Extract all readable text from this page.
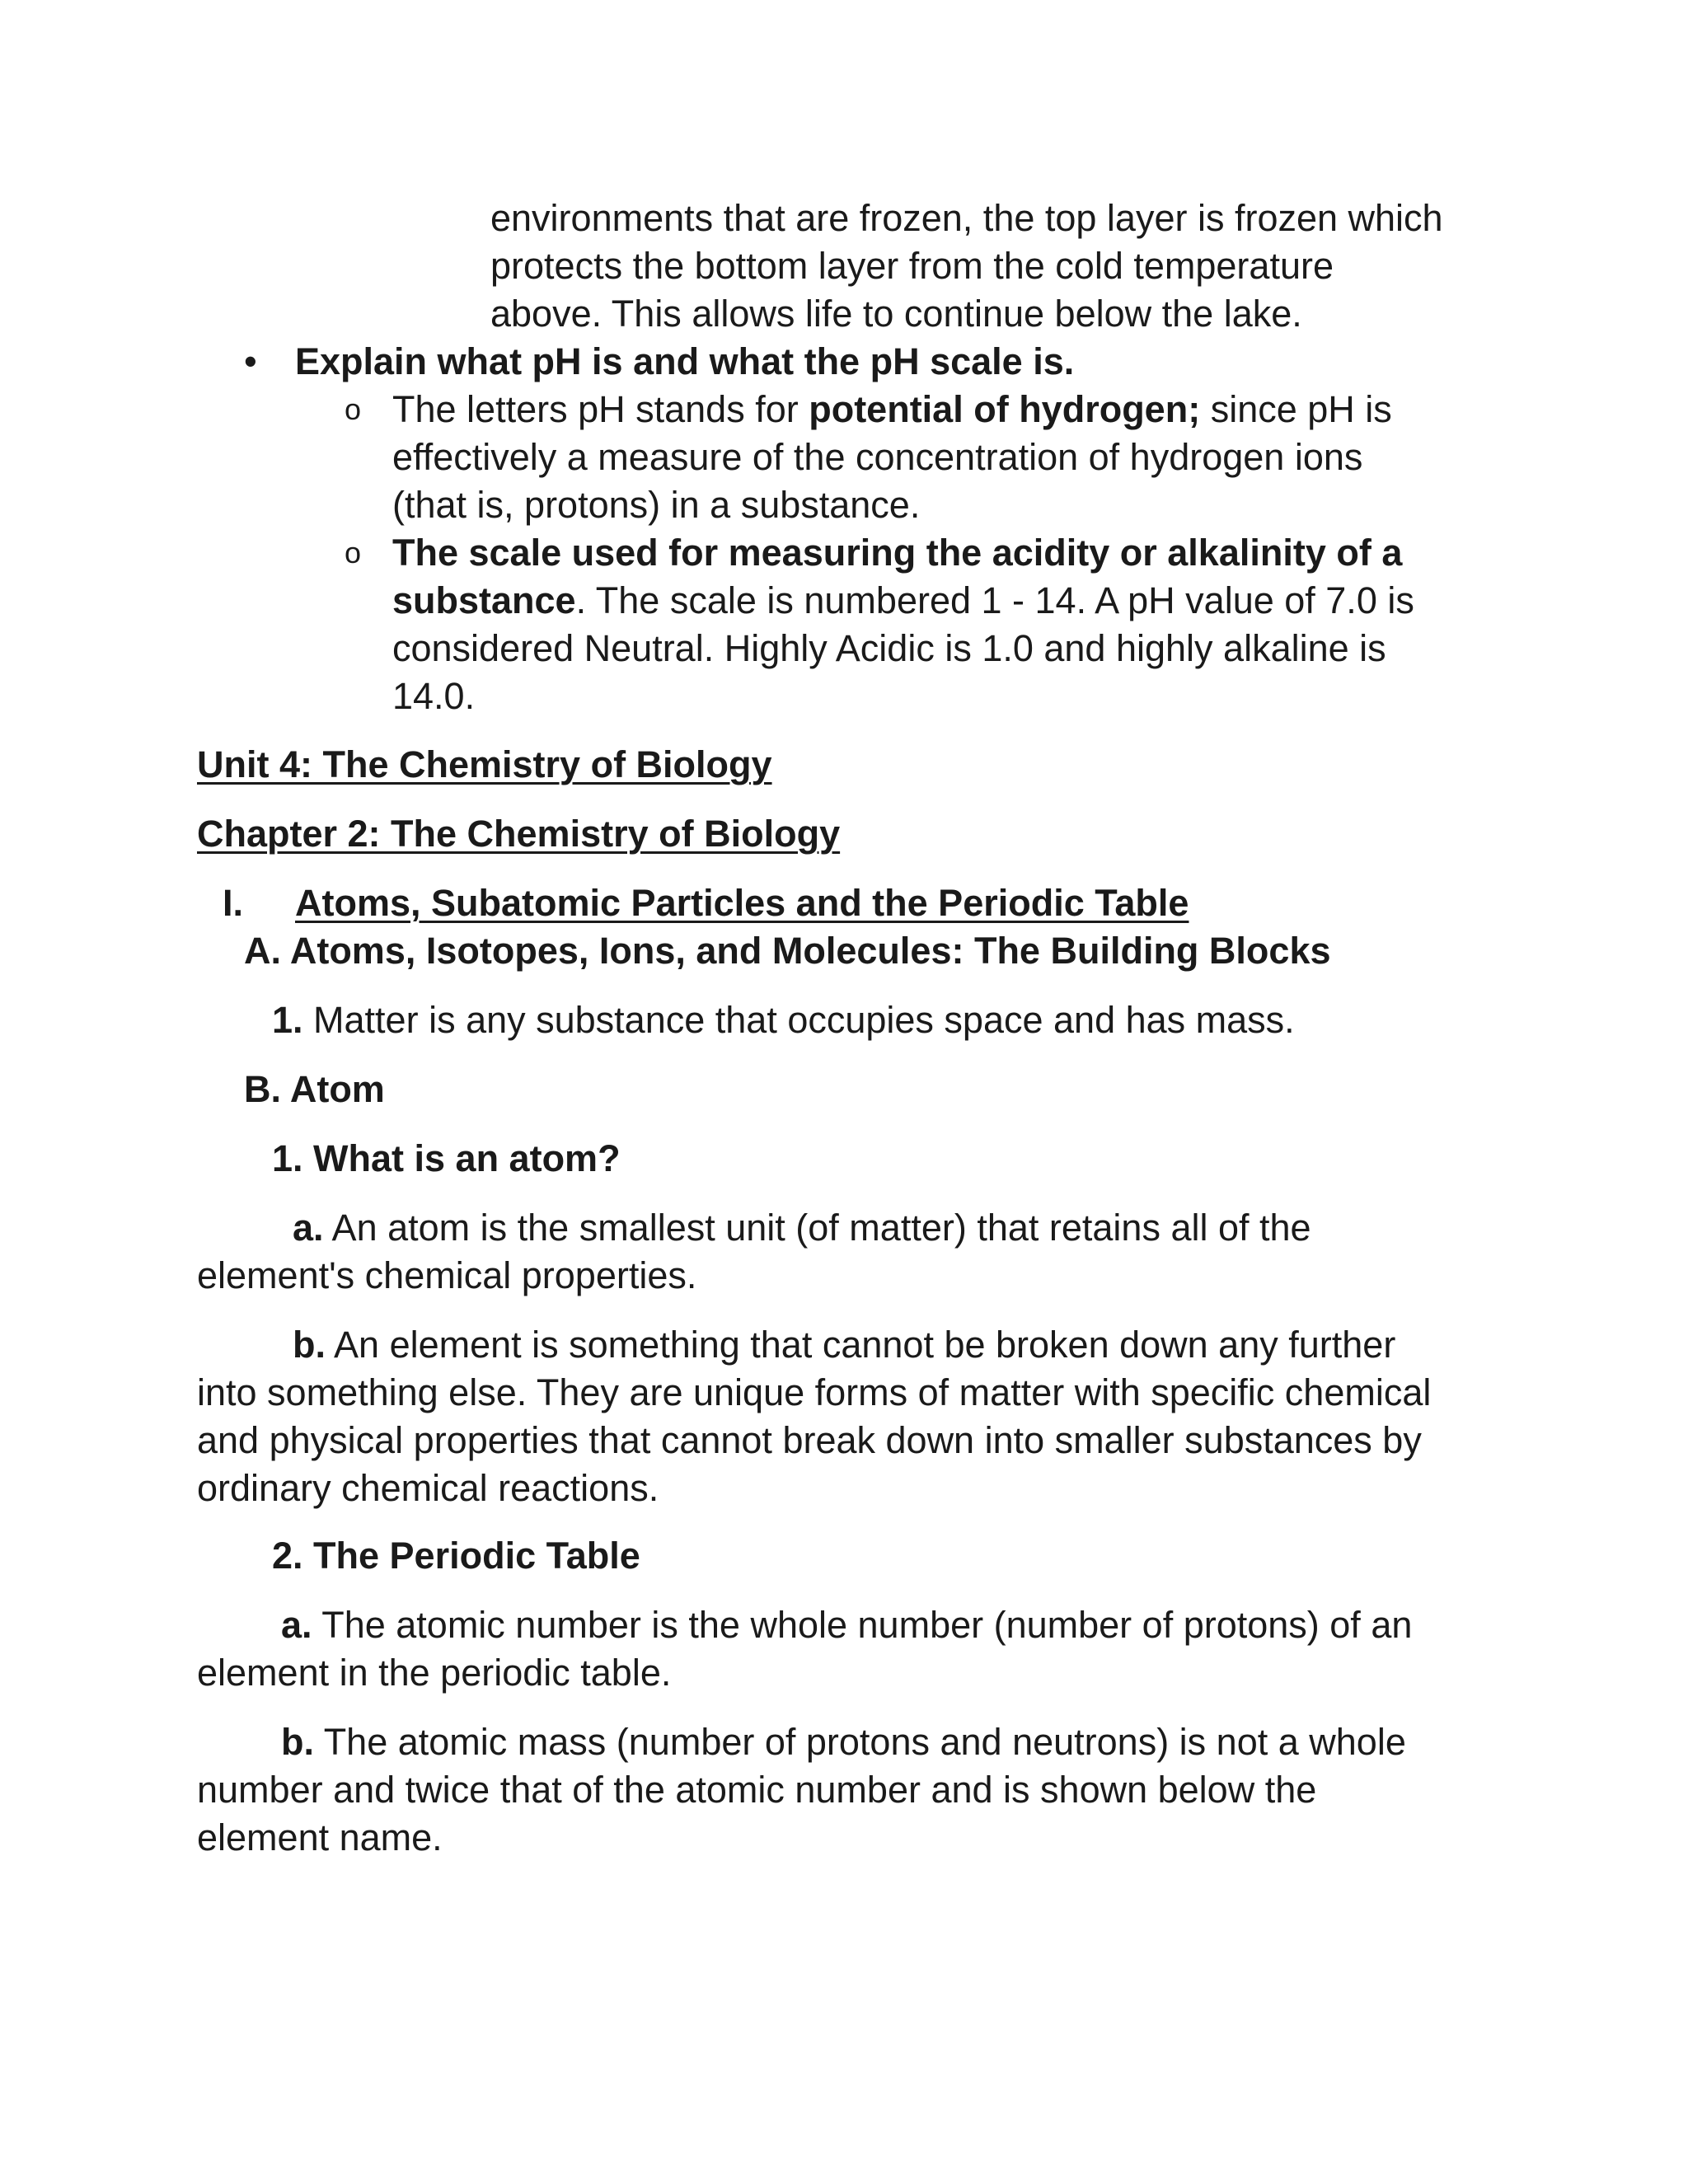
environments that are frozen, the top layer is frozen which

protects the bottom layer from the cold temperature

above. This allows life to continue below the lake.

• Explain what pH is and what the pH scale is.

o The letters pH stands for potential of hydrogen; since pH is

effectively a measure of the concentration of hydrogen ions

(that is, protons) in a substance.

o The scale used for measuring the acidity or alkalinity of a

substance. The scale is numbered 1 - 14. A pH value of 7.0 is

considered Neutral. Highly Acidic is 1.0 and highly alkaline is

14.0.

Unit 4: The Chemistry of Biology

Chapter 2: The Chemistry of Biology

I. Atoms, Subatomic Particles and the Periodic Table

A. Atoms, Isotopes, Ions, and Molecules: The Building Blocks

1. Matter is any substance that occupies space and has mass.

B. Atom

1. What is an atom?

a. An atom is the smallest unit (of matter) that retains all of the

element's chemical properties.

b. An element is something that cannot be broken down any further

into something else. They are unique forms of matter with specific chemical

and physical properties that cannot break down into smaller substances by

ordinary chemical reactions.

2. The Periodic Table

a. The atomic number is the whole number (number of protons) of an

element in the periodic table.

b. The atomic mass (number of protons and neutrons) is not a whole

number and twice that of the atomic number and is shown below the

element name.
